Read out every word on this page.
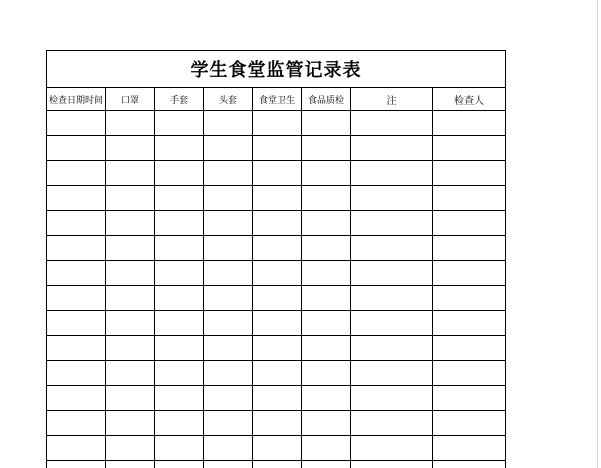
学生食堂监管记录表							
检查日期时间	口罩	手套	头套	食堂卫生	食品质检	注	检查人
